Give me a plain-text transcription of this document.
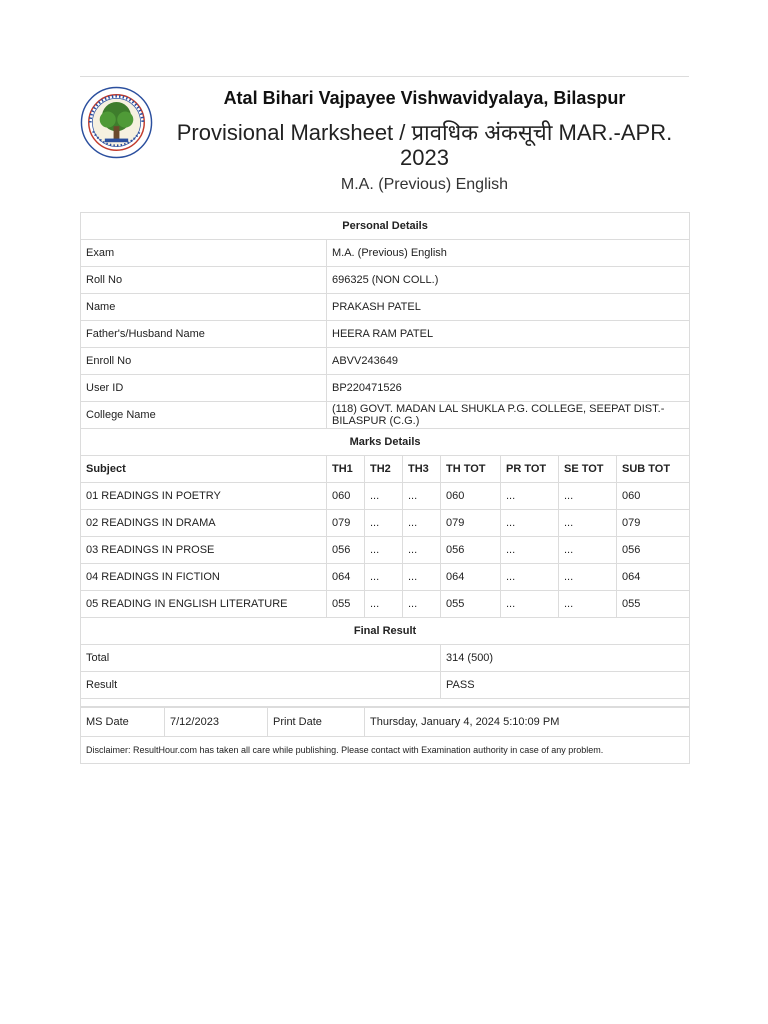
Atal Bihari Vajpayee Vishwavidyalaya, Bilaspur
Provisional Marksheet / प्रावधिक अंकसूची MAR.-APR.
2023
M.A. (Previous) English
Personal Details							
Exam	M.A. (Previous) English						
Roll No	696325 (NON COLL.)						
Name	PRAKASH PATEL						
Father's/Husband Name	HEERA RAM PATEL						
Enroll No	ABVV243649						
User ID	BP220471526						
College Name	(118) GOVT. MADAN LAL SHUKLA P.G. COLLEGE, SEEPAT DIST.-BILASPUR (C.G.)						
Marks Details							
Subject	TH1	TH2	TH3	TH TOT	PR TOT	SE TOT	SUB TOT
01 READINGS IN POETRY	060	...	...	060	...	...	060
02 READINGS IN DRAMA	079	...	...	079	...	...	079
03 READINGS IN PROSE	056	...	...	056	...	...	056
04 READINGS IN FICTION	064	...	...	064	...	...	064
05 READING IN ENGLISH LITERATURE	055	...	...	055	...	...	055
Final Result							
Total				314 (500)			
Result				PASS			

MS Date	7/12/2023	Print Date	Thursday, January 4, 2024 5:10:09 PM
Disclaimer: ResultHour.com has taken all care while publishing. Please contact with Examination authority in case of any problem.
